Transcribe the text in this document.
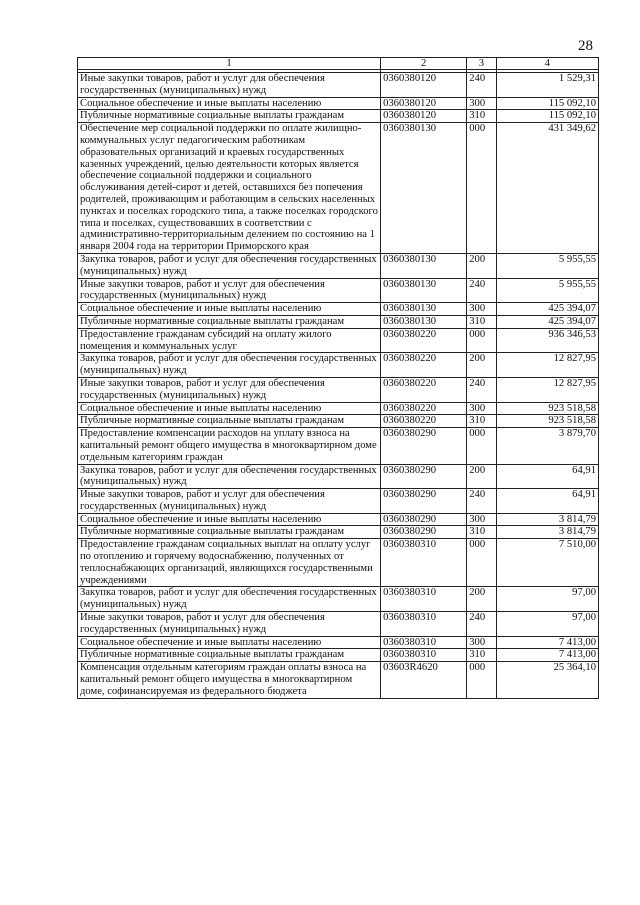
28
1	2	3	4

Иные закупки товаров, работ и услуг для обеспечения государственных (муниципальных) нужд	0360380120	240	1 529,31
Социальное обеспечение и иные выплаты населению	0360380120	300	115 092,10
Публичные нормативные социальные выплаты гражданам	0360380120	310	115 092,10
Обеспечение мер социальной поддержки по оплате жилищно-коммунальных услуг педагогическим работникам образовательных организаций и краевых государственных казенных учреждений, целью деятельности которых является обеспечение социальной поддержки и социального обслуживания детей-сирот и детей, оставшихся без попечения родителей, проживающим и работающим в сельских населенных пунктах и поселках городского типа, а также поселках городского типа и поселках, существовавших в соответствии с административно-территориальным делением по состоянию на 1 января 2004 года на территории Приморского края	0360380130	000	431 349,62
Закупка товаров, работ и услуг для обеспечения государственных (муниципальных) нужд	0360380130	200	5 955,55
Иные закупки товаров, работ и услуг для обеспечения государственных (муниципальных) нужд	0360380130	240	5 955,55
Социальное обеспечение и иные выплаты населению	0360380130	300	425 394,07
Публичные нормативные социальные выплаты гражданам	0360380130	310	425 394,07
Предоставление гражданам субсидий на оплату жилого помещения и коммунальных услуг	0360380220	000	936 346,53
Закупка товаров, работ и услуг для обеспечения государственных (муниципальных) нужд	0360380220	200	12 827,95
Иные закупки товаров, работ и услуг для обеспечения государственных (муниципальных) нужд	0360380220	240	12 827,95
Социальное обеспечение и иные выплаты населению	0360380220	300	923 518,58
Публичные нормативные социальные выплаты гражданам	0360380220	310	923 518,58
Предоставление компенсации расходов на уплату взноса на капитальный ремонт общего имущества в многоквартирном доме отдельным категориям граждан	0360380290	000	3 879,70
Закупка товаров, работ и услуг для обеспечения государственных (муниципальных) нужд	0360380290	200	64,91
Иные закупки товаров, работ и услуг для обеспечения государственных (муниципальных) нужд	0360380290	240	64,91
Социальное обеспечение и иные выплаты населению	0360380290	300	3 814,79
Публичные нормативные социальные выплаты гражданам	0360380290	310	3 814,79
Предоставление гражданам социальных выплат на оплату услуг по отоплению и горячему водоснабжению, полученных от теплоснабжающих организаций, являющихся государственными учреждениями	0360380310	000	7 510,00
Закупка товаров, работ и услуг для обеспечения государственных (муниципальных) нужд	0360380310	200	97,00
Иные закупки товаров, работ и услуг для обеспечения государственных (муниципальных) нужд	0360380310	240	97,00
Социальное обеспечение и иные выплаты населению	0360380310	300	7 413,00
Публичные нормативные социальные выплаты гражданам	0360380310	310	7 413,00
Компенсация отдельным категориям граждан оплаты взноса на капитальный ремонт общего имущества в многоквартирном доме, софинансируемая из федерального бюджета	03603R4620	000	25 364,10
